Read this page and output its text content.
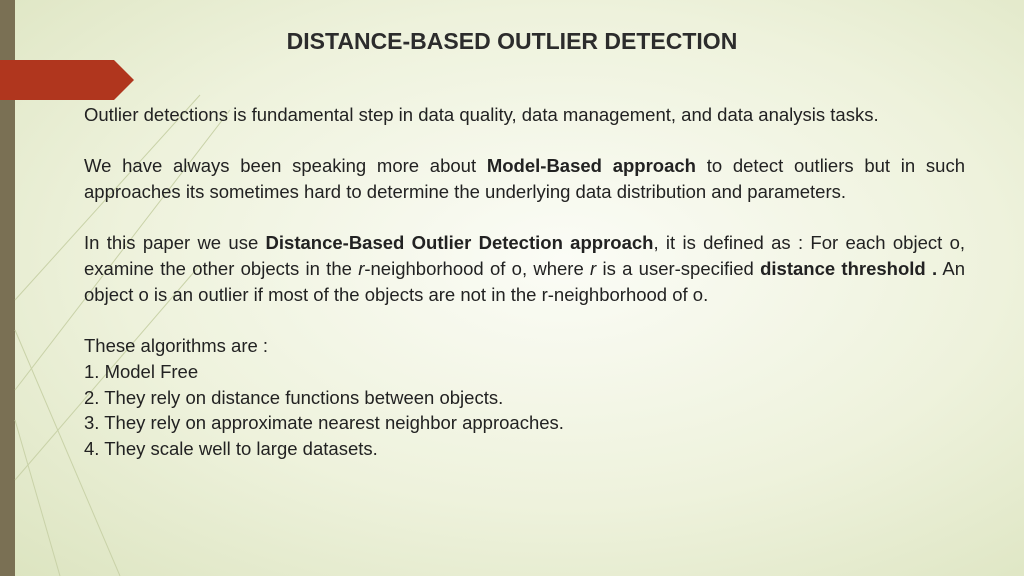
DISTANCE-BASED OUTLIER DETECTION

Outlier detections is fundamental step in data quality, data management, and data analysis tasks.

We have always been speaking more about Model-Based approach to detect outliers but in such approaches its sometimes hard to determine the underlying data distribution and parameters.

In this paper we use Distance-Based Outlier Detection approach, it is defined as : For each object o, examine the other objects in the r-neighborhood of o, where r is a user-specified distance threshold . An object o is an outlier if most of the objects are not in the r-neighborhood of o.

These algorithms are :

1. Model Free

2. They rely on distance functions between objects.

3. They rely on approximate nearest neighbor approaches.

4. They scale well to large datasets.
